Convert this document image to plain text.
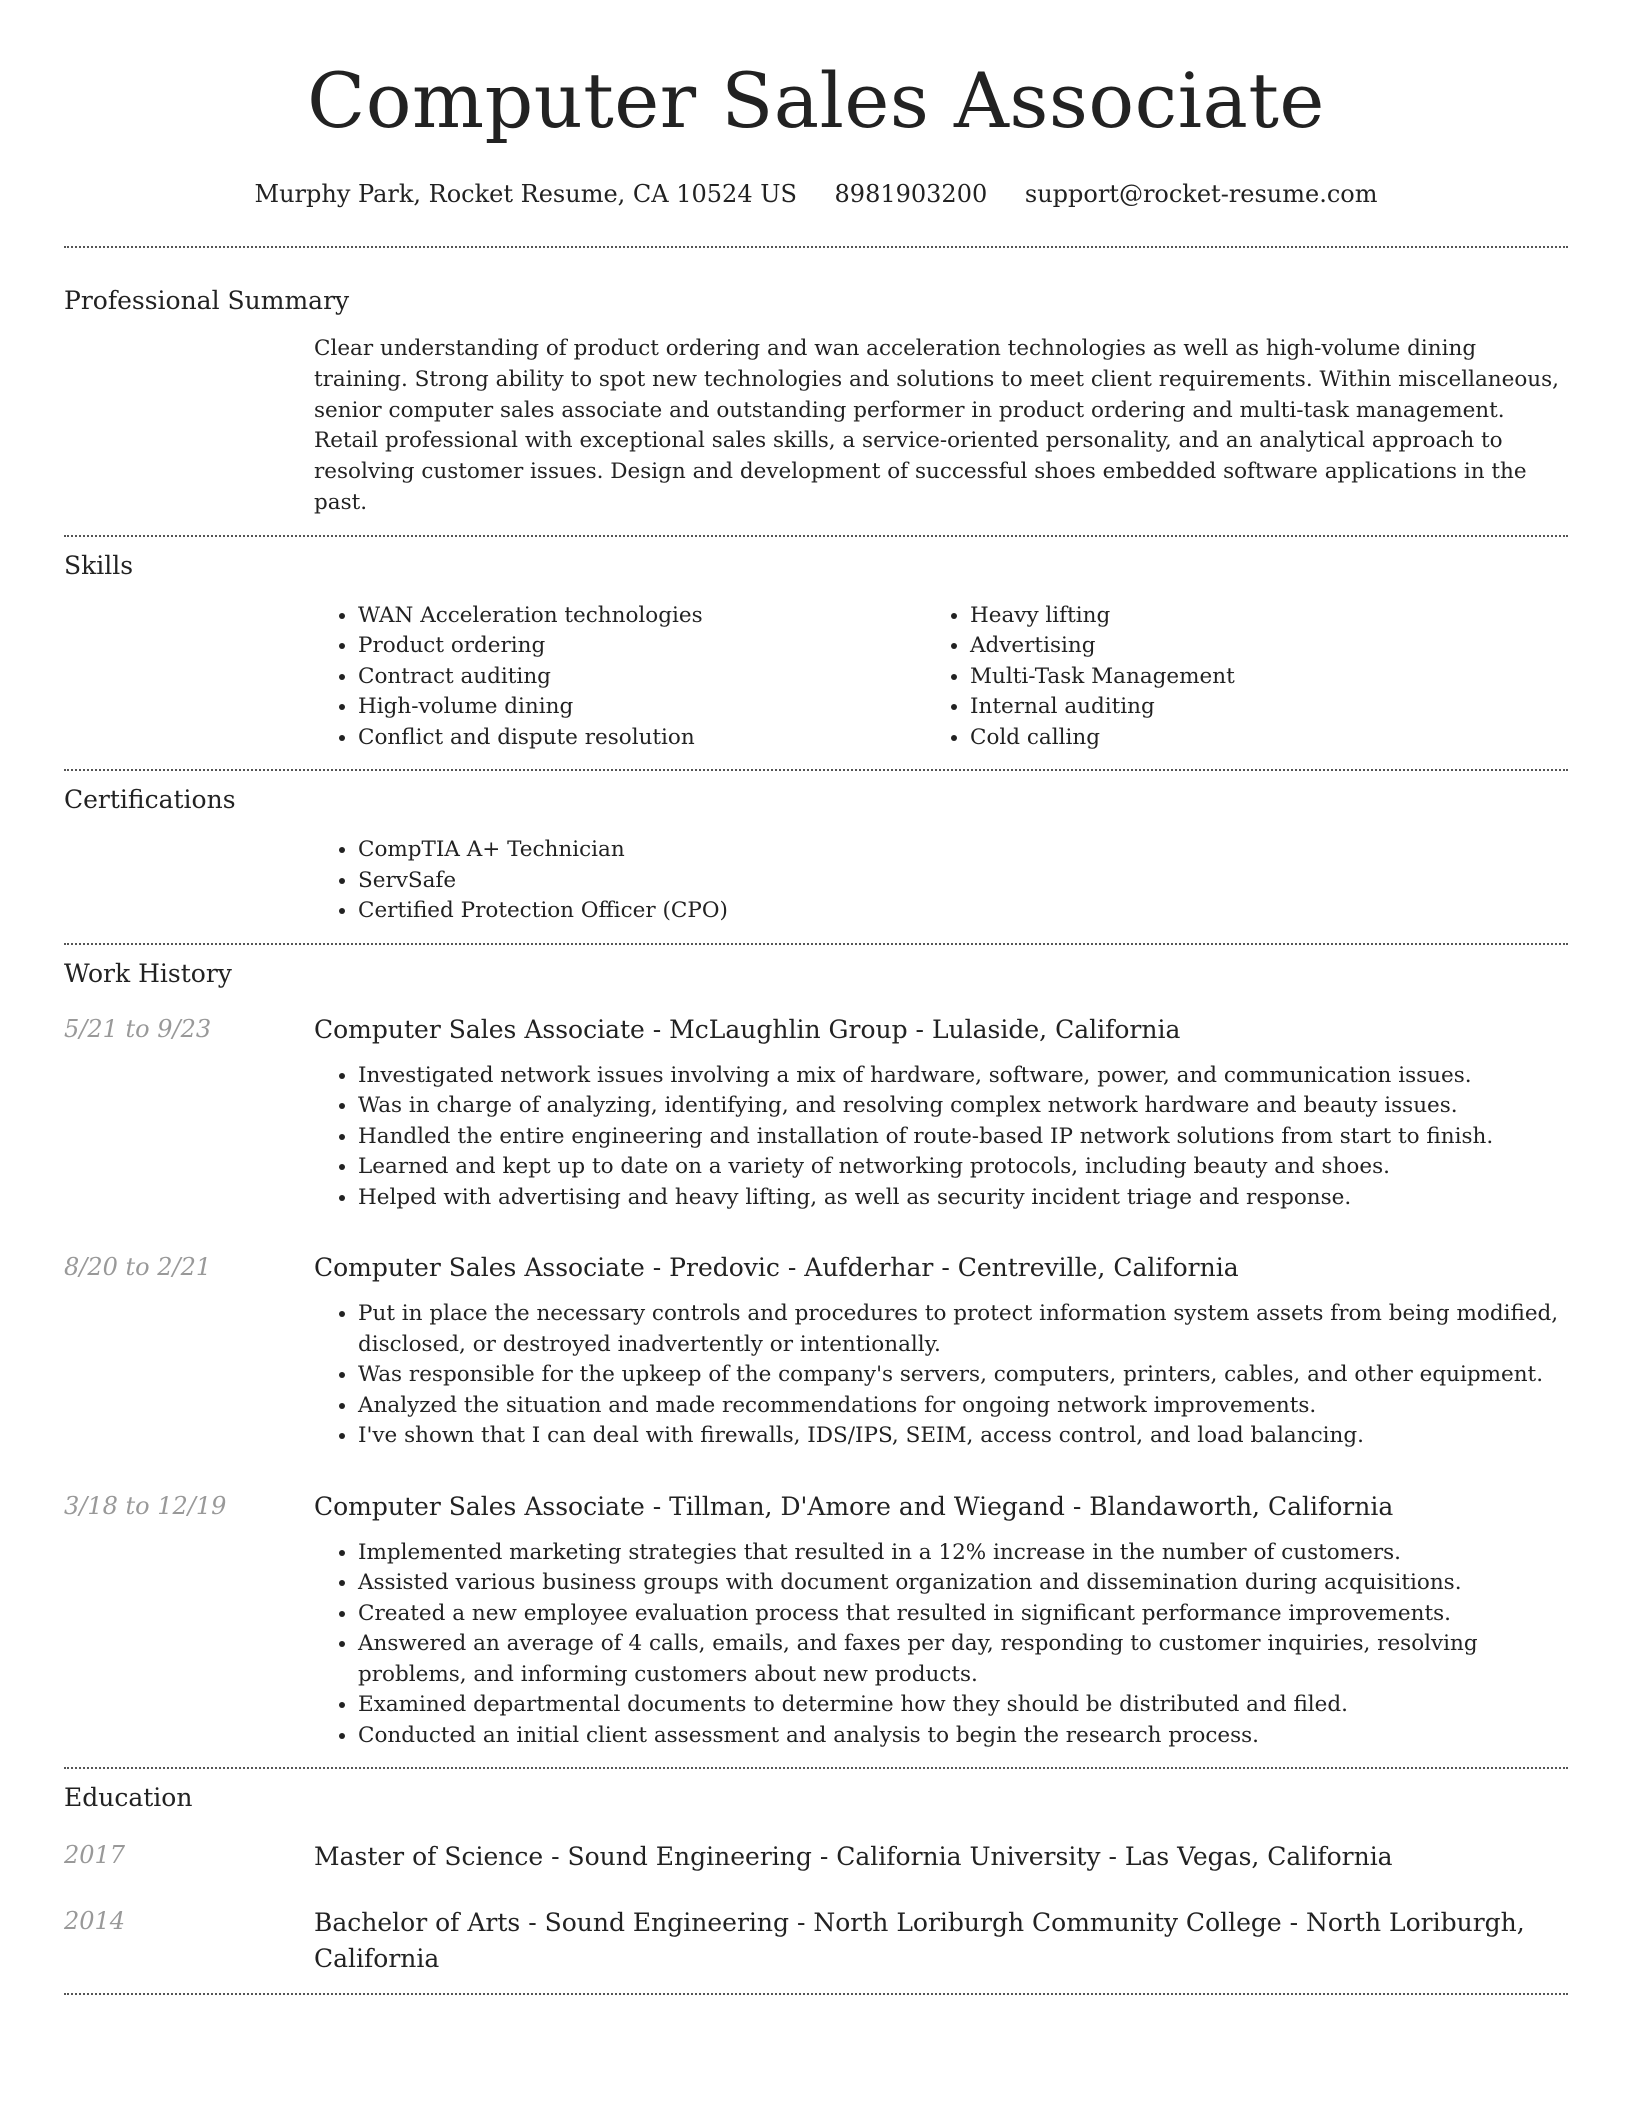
Computer Sales Associate
Murphy Park, Rocket Resume, CA 10524 US 8981903200 support@rocket-resume.com
Professional Summary

Clear understanding of product ordering and wan acceleration technologies as well as high-volume dining training. Strong ability to spot new technologies and solutions to meet client requirements. Within miscellaneous, senior computer sales associate and outstanding performer in product ordering and multi-task management. Retail professional with exceptional sales skills, a service-oriented personality, and an analytical approach to resolving customer issues. Design and development of successful shoes embedded software applications in the past.

Skills
• WAN Acceleration technologies
• Product ordering
• Contract auditing
• High-volume dining
• Conflict and dispute resolution
• Heavy lifting
• Advertising
• Multi-Task Management
• Internal auditing
• Cold calling
Certifications
• CompTIA A+ Technician
• ServSafe
• Certified Protection Officer (CPO)
Work History
5/21 to 9/23	Computer Sales Associate - McLaughlin Group - Lulaside, California
• Investigated network issues involving a mix of hardware, software, power, and communication issues.
• Was in charge of analyzing, identifying, and resolving complex network hardware and beauty issues.
• Handled the entire engineering and installation of route-based IP network solutions from start to finish.
• Learned and kept up to date on a variety of networking protocols, including beauty and shoes.
• Helped with advertising and heavy lifting, as well as security incident triage and response.
8/20 to 2/21	Computer Sales Associate - Predovic - Aufderhar - Centreville, California
• Put in place the necessary controls and procedures to protect information system assets from being modified, disclosed, or destroyed inadvertently or intentionally.
• Was responsible for the upkeep of the company's servers, computers, printers, cables, and other equipment.
• Analyzed the situation and made recommendations for ongoing network improvements.
• I've shown that I can deal with firewalls, IDS/IPS, SEIM, access control, and load balancing.
3/18 to 12/19	Computer Sales Associate - Tillman, D'Amore and Wiegand - Blandaworth, California
• Implemented marketing strategies that resulted in a 12% increase in the number of customers.
• Assisted various business groups with document organization and dissemination during acquisitions.
• Created a new employee evaluation process that resulted in significant performance improvements.
• Answered an average of 4 calls, emails, and faxes per day, responding to customer inquiries, resolving problems, and informing customers about new products.
• Examined departmental documents to determine how they should be distributed and filed.
• Conducted an initial client assessment and analysis to begin the research process.
Education
2017	Master of Science - Sound Engineering - California University - Las Vegas, California
2014	Bachelor of Arts - Sound Engineering - North Loriburgh Community College - North Loriburgh, California
